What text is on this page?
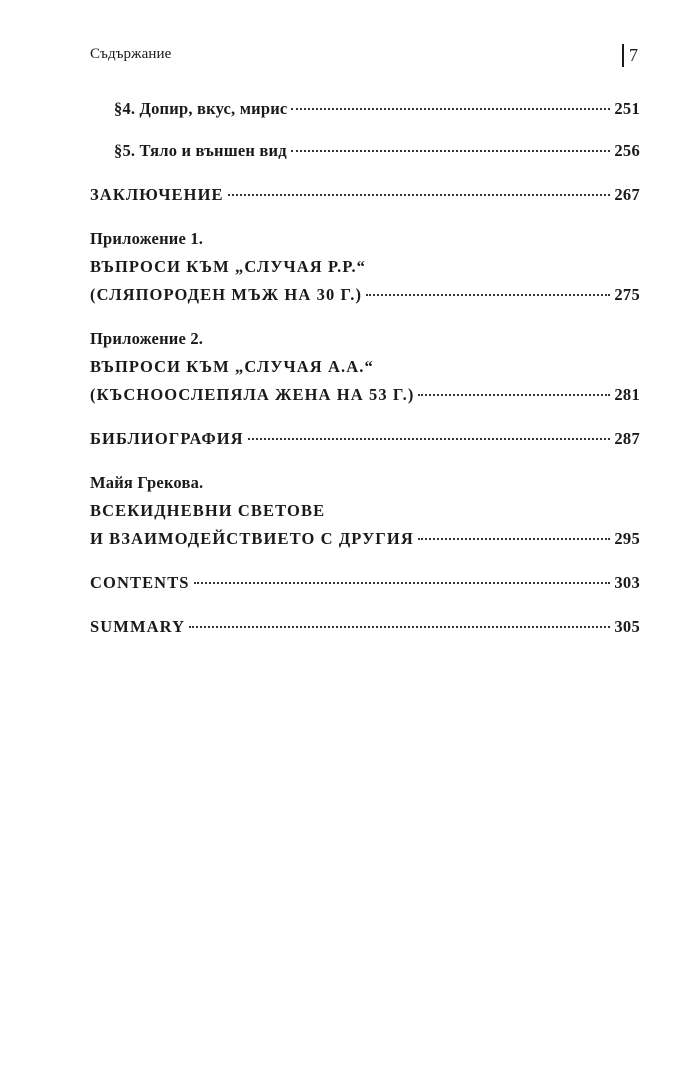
Съдържание	7
§4. Допир, вкус, мирис	251
§5. Тяло и външен вид	256
ЗАКЛЮЧЕНИЕ	267
Приложение 1.
ВЪПРОСИ КЪМ „СЛУЧАЯ Р.Р.“
(СЛЯПОРОДЕН МЪЖ НА 30 Г.)	275
Приложение 2.
ВЪПРОСИ КЪМ „СЛУЧАЯ А.А.“
(КЪСНООСЛЕПЯЛА ЖЕНА НА 53 Г.)	281
БИБЛИОГРАФИЯ	287
Майя Грекова.
ВСЕКИДНЕВНИ СВЕТОВЕ
И ВЗАИМОДЕЙСТВИЕТО С ДРУГИЯ	295
CONTENTS	303
SUMMARY	305
